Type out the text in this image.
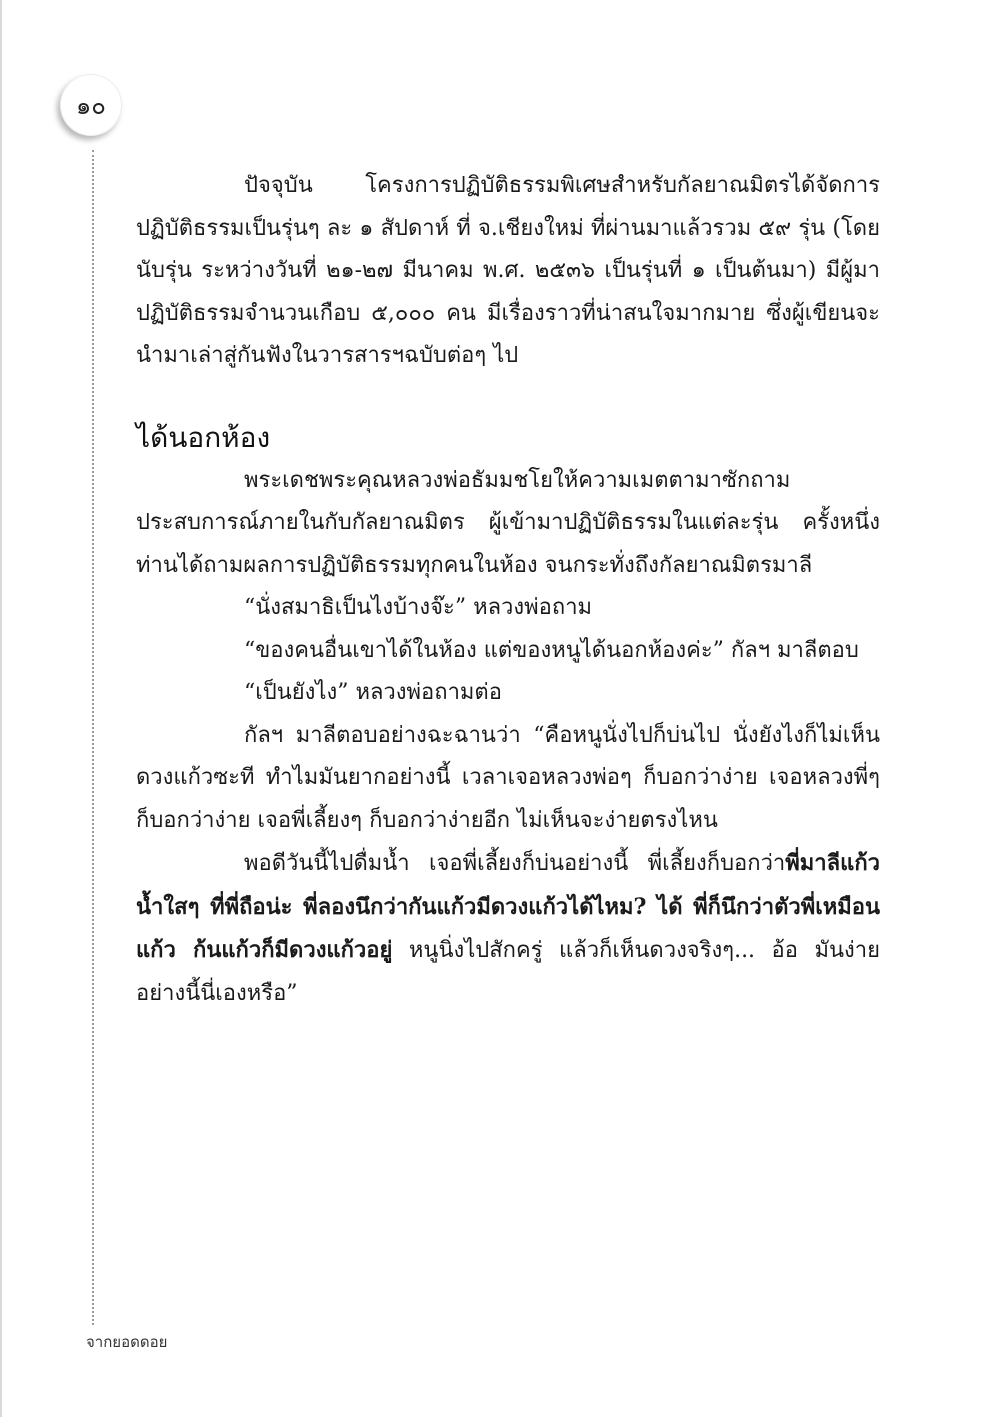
๑๐

ปัจจุบัน โครงการปฏิบัติธรรมพิเศษสำหรับกัลยาณมิตรได้จัดการปฏิบัติธรรมเป็นรุ่นๆ ละ ๑ สัปดาห์ ที่ จ.เชียงใหม่ ที่ผ่านมาแล้วรวม ๕๙ รุ่น (โดยนับรุ่น ระหว่างวันที่ ๒๑-๒๗ มีนาคม พ.ศ. ๒๕๓๖ เป็นรุ่นที่ ๑ เป็นต้นมา) มีผู้มาปฏิบัติธรรมจำนวนเกือบ ๕,๐๐๐ คน มีเรื่องราวที่น่าสนใจมากมาย ซึ่งผู้เขียนจะนำมาเล่าสู่กันฟังในวารสารฯฉบับต่อๆ ไป

ได้นอกห้อง

พระเดชพระคุณหลวงพ่อธัมมชโยให้ความเมตตามาซักถามประสบการณ์ภายในกับกัลยาณมิตร ผู้เข้ามาปฏิบัติธรรมในแต่ละรุ่น ครั้งหนึ่งท่านได้ถามผลการปฏิบัติธรรมทุกคนในห้อง จนกระทั่งถึงกัลยาณมิตรมาลี

“นั่งสมาธิเป็นไงบ้างจ๊ะ” หลวงพ่อถาม

“ของคนอื่นเขาได้ในห้อง แต่ของหนูได้นอกห้องค่ะ” กัลฯ มาลีตอบ

“เป็นยังไง” หลวงพ่อถามต่อ

กัลฯ มาลีตอบอย่างฉะฉานว่า “คือหนูนั่งไปก็บ่นไป นั่งยังไงก็ไม่เห็นดวงแก้วซะที ทำไมมันยากอย่างนี้ เวลาเจอหลวงพ่อๆ ก็บอกว่าง่าย เจอหลวงพี่ๆ ก็บอกว่าง่าย เจอพี่เลี้ยงๆ ก็บอกว่าง่ายอีก ไม่เห็นจะง่ายตรงไหน

พอดีวันนี้ไปดื่มน้ำ เจอพี่เลี้ยงก็บ่นอย่างนี้ พี่เลี้ยงก็บอกว่าพี่มาลีแก้วน้ำใสๆ ที่พี่ถือน่ะ พี่ลองนึกว่ากันแก้วมีดวงแก้วได้ไหม? ได้ พี่ก็นึกว่าตัวพี่เหมือนแก้ว ก้นแก้วก็มีดวงแก้วอยู่ หนูนิ่งไปสักครู่ แล้วก็เห็นดวงจริงๆ... อ้อ มันง่ายอย่างนี้นี่เองหรือ”

จากยอดดอย
